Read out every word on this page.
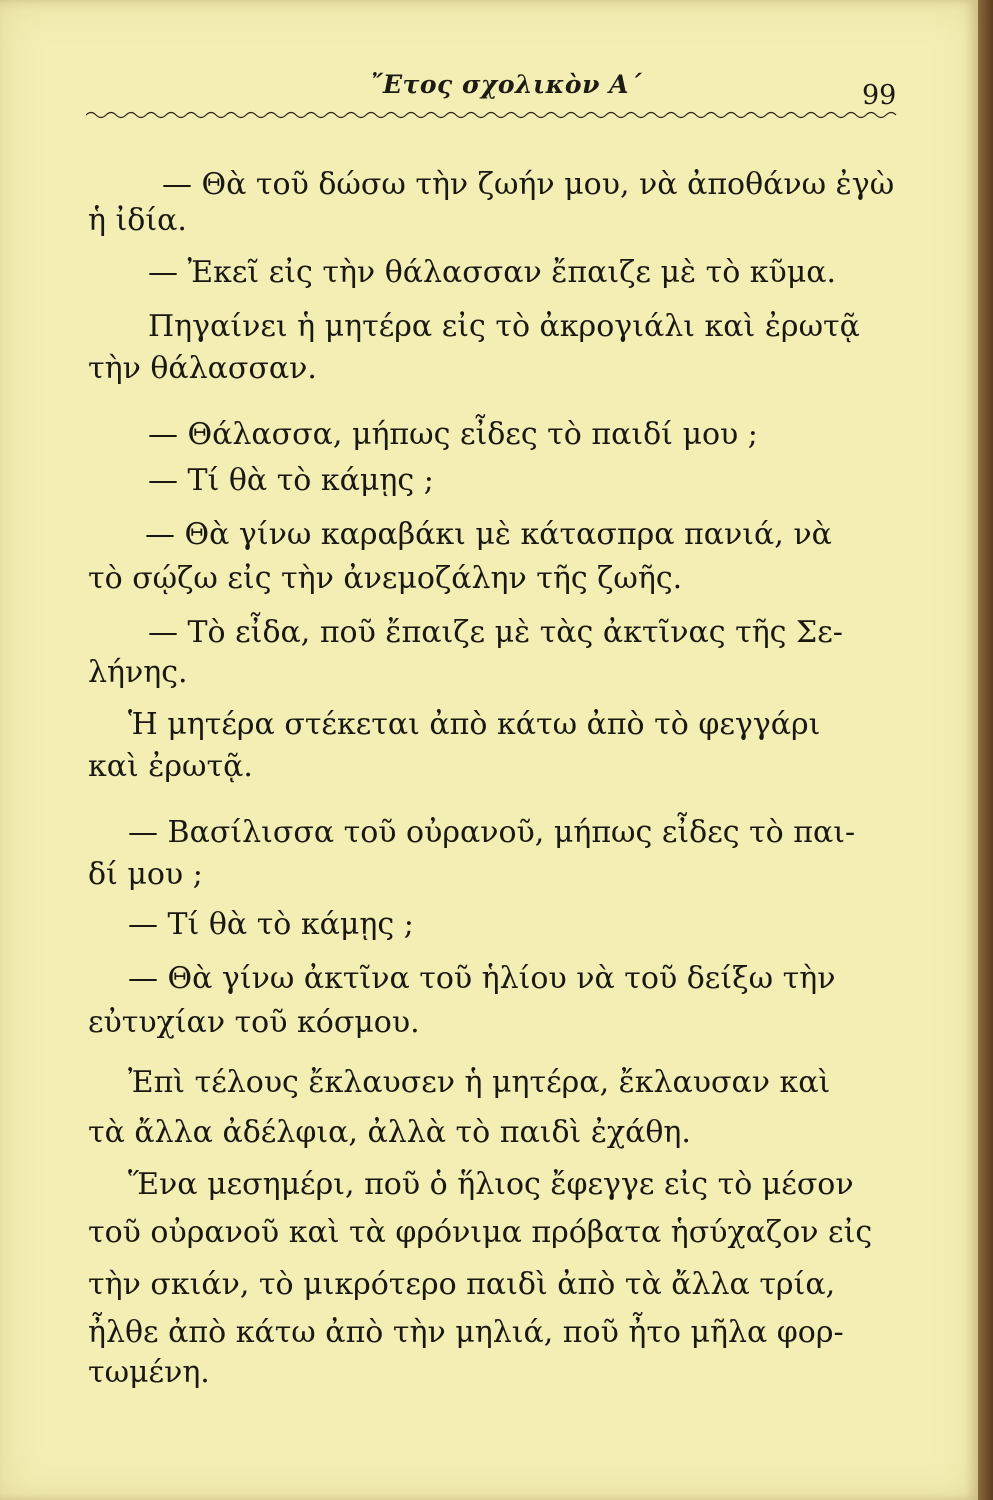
῎Ετος σχολικὸν Α΄	99
— Θὰ τοῦ δώσω τὴν ζωήν μου, νὰ ἀποθάνω ἐγὼ
ἡ ἰδία.
— Ἐκεῖ εἰς τὴν θάλασσαν ἔπαιζε μὲ τὸ κῦμα.
Πηγαίνει ἡ μητέρα εἰς τὸ ἀκρογιάλι καὶ ἐρωτᾷ
τὴν θάλασσαν.
— Θάλασσα, μήπως εἶδες τὸ παιδί μου ;
— Τί θὰ τὸ κάμῃς ;
— Θὰ γίνω καραβάκι μὲ κάτασπρα πανιά, νὰ
τὸ σῴζω εἰς τὴν ἀνεμοζάλην τῆς ζωῆς.
— Τὸ εἶδα, ποῦ ἔπαιζε μὲ τὰς ἀκτῖνας τῆς Σε-
λήνης.
Ἡ μητέρα στέκεται ἀπὸ κάτω ἀπὸ τὸ φεγγάρι
καὶ ἐρωτᾷ.
— Βασίλισσα τοῦ οὐρανοῦ, μήπως εἶδες τὸ παι-
δί μου ;
— Τί θὰ τὸ κάμῃς ;
— Θὰ γίνω ἀκτῖνα τοῦ ἡλίου νὰ τοῦ δείξω τὴν
εὐτυχίαν τοῦ κόσμου.
Ἐπὶ τέλους ἔκλαυσεν ἡ μητέρα, ἔκλαυσαν καὶ
τὰ ἄλλα ἀδέλφια, ἀλλὰ τὸ παιδὶ ἐχάθη.
Ἕνα μεσημέρι, ποῦ ὁ ἥλιος ἔφεγγε εἰς τὸ μέσον
τοῦ οὐρανοῦ καὶ τὰ φρόνιμα πρόβατα ἡσύχαζον εἰς
τὴν σκιάν, τὸ μικρότερο παιδὶ ἀπὸ τὰ ἄλλα τρία,
ἦλθε ἀπὸ κάτω ἀπὸ τὴν μηλιά, ποῦ ἦτο μῆλα φορ-
τωμένη.
